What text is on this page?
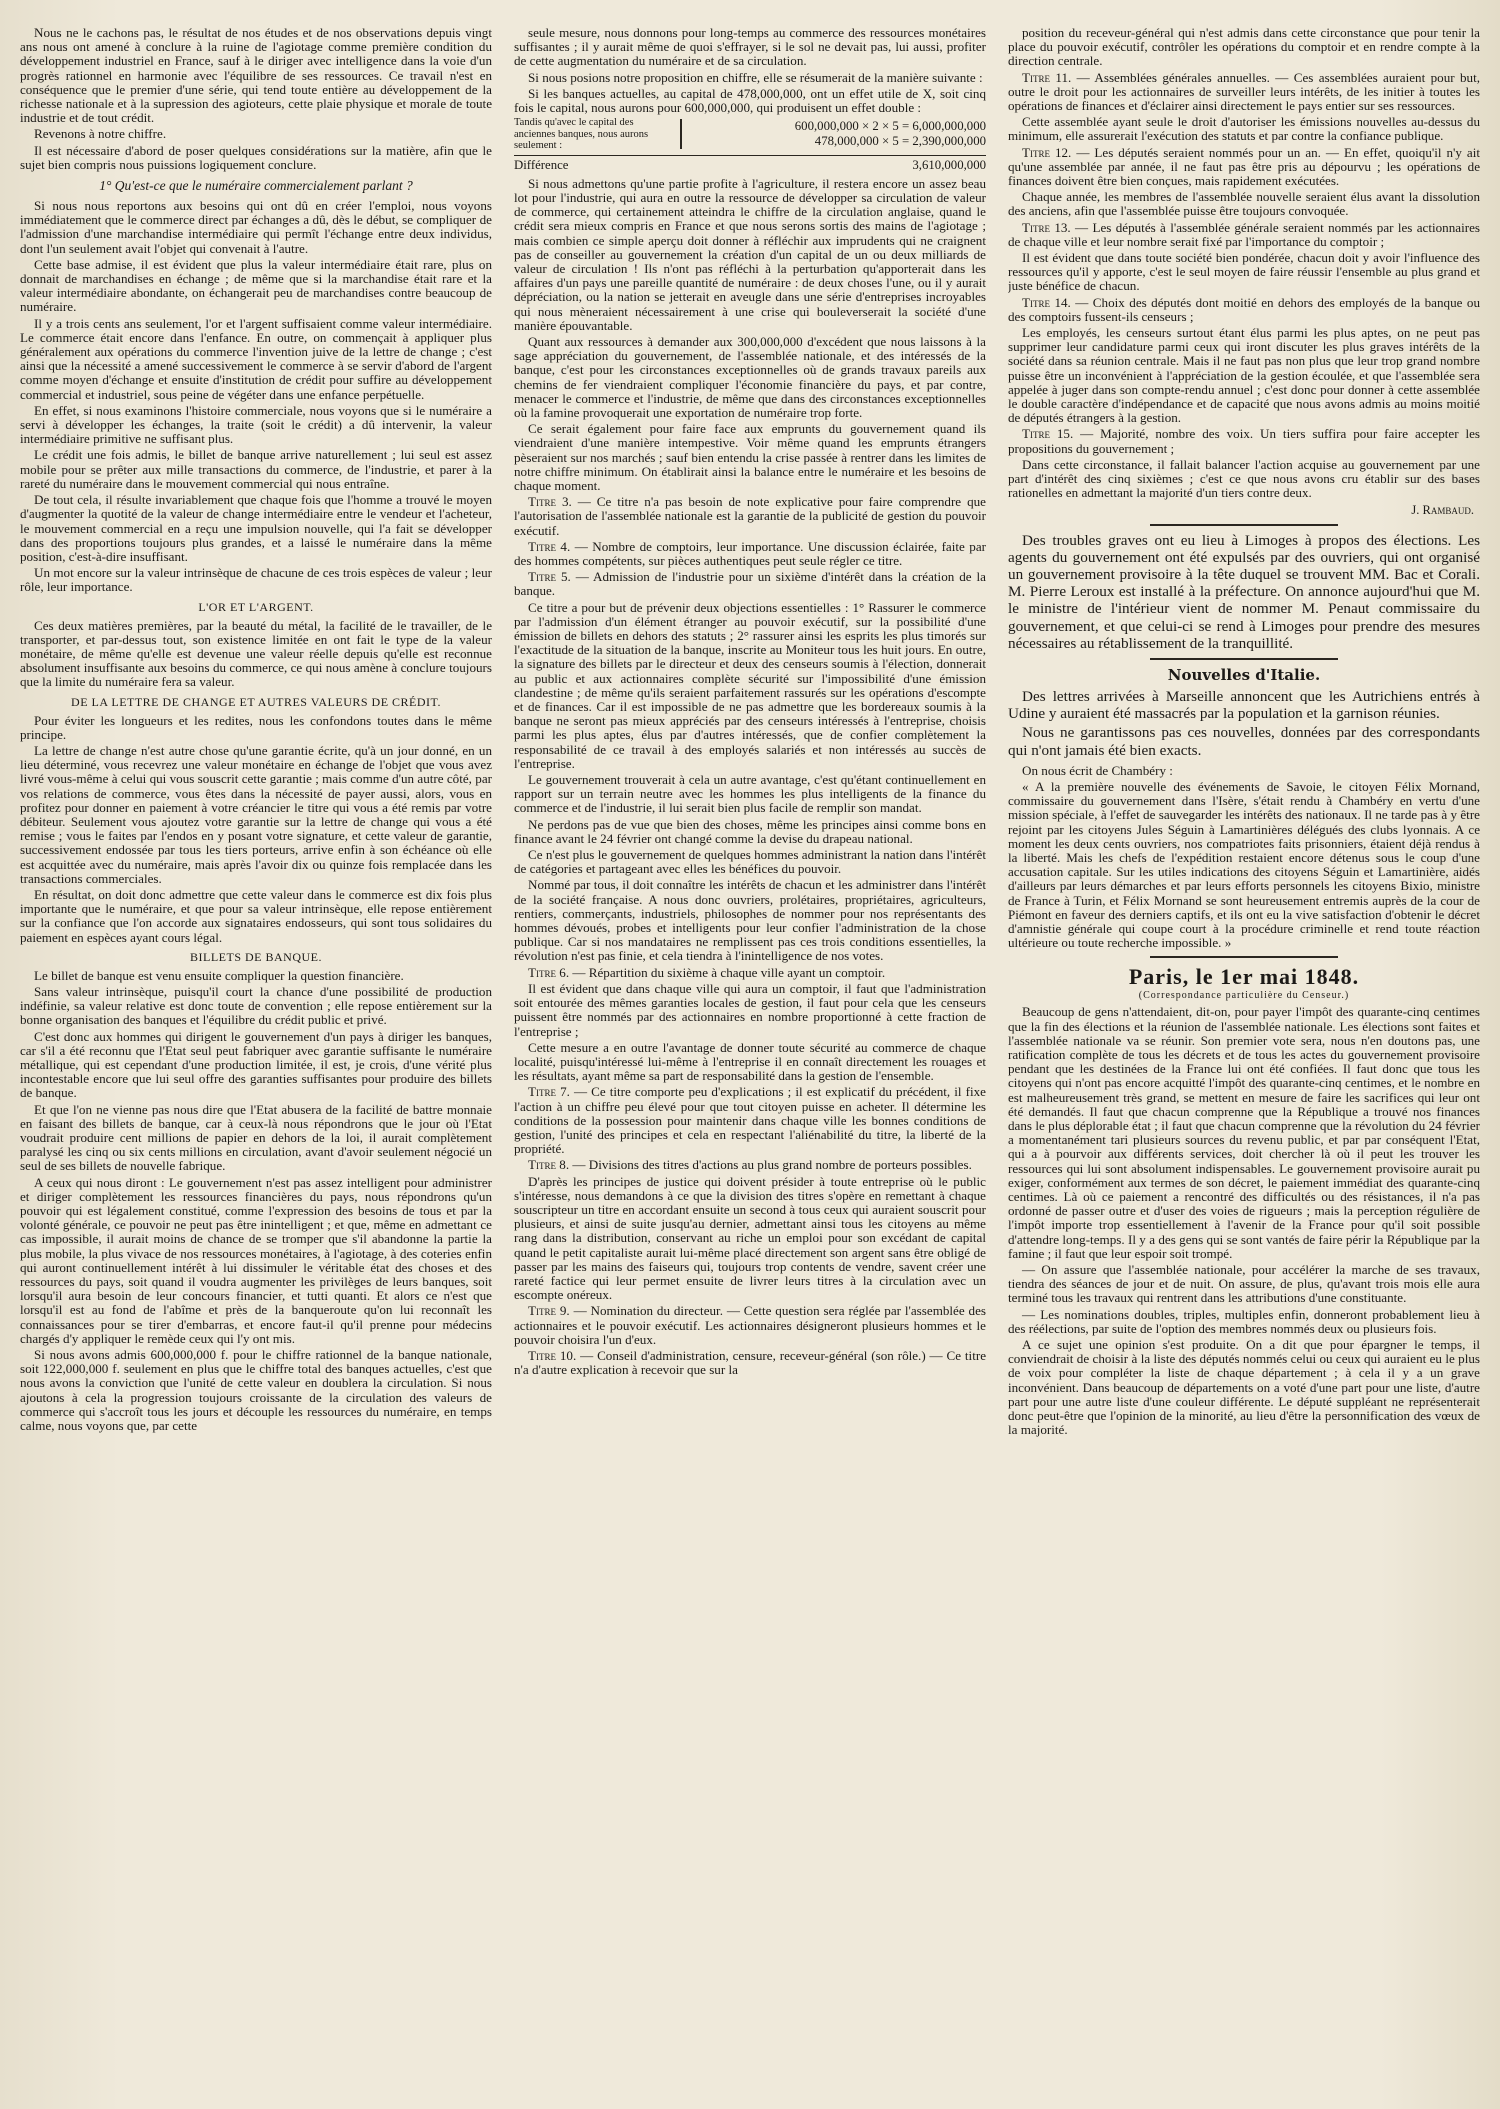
Nous ne le cachons pas, le résultat de nos études et de nos observations depuis vingt ans nous ont amené à conclure à la ruine de l'agiotage comme première condition du développement industriel en France, sauf à le diriger avec intelligence dans la voie d'un progrès rationnel en harmonie avec l'équilibre de ses ressources. Ce travail n'est en conséquence que le premier d'une série, qui tend toute entière au développement de la richesse nationale et à la supression des agioteurs, cette plaie physique et morale de toute industrie et de tout crédit.

Revenons à notre chiffre.

Il est nécessaire d'abord de poser quelques considérations sur la matière, afin que le sujet bien compris nous puissions logiquement conclure.

1° Qu'est-ce que le numéraire commercialement parlant ?

Si nous nous reportons aux besoins qui ont dû en créer l'emploi, nous voyons immédiatement que le commerce direct par échanges a dû, dès le début, se compliquer de l'admission d'une marchandise intermédiaire qui permît l'échange entre deux individus, dont l'un seulement avait l'objet qui convenait à l'autre.

Cette base admise, il est évident que plus la valeur intermédiaire était rare, plus on donnait de marchandises en échange ; de même que si la marchandise était rare et la valeur intermédiaire abondante, on échangerait peu de marchandises contre beaucoup de numéraire.

Il y a trois cents ans seulement, l'or et l'argent suffisaient comme valeur intermédiaire. Le commerce était encore dans l'enfance. En outre, on commençait à appliquer plus généralement aux opérations du commerce l'invention juive de la lettre de change ; c'est ainsi que la nécessité a amené successivement le commerce à se servir d'abord de l'argent comme moyen d'échange et ensuite d'institution de crédit pour suffire au développement commercial et industriel, sous peine de végéter dans une enfance perpétuelle.

En effet, si nous examinons l'histoire commerciale, nous voyons que si le numéraire a servi à développer les échanges, la traite (soit le crédit) a dû intervenir, la valeur intermédiaire primitive ne suffisant plus.

Le crédit une fois admis, le billet de banque arrive naturellement ; lui seul est assez mobile pour se prêter aux mille transactions du commerce, de l'industrie, et parer à la rareté du numéraire dans le mouvement commercial qui nous entraîne.

De tout cela, il résulte invariablement que chaque fois que l'homme a trouvé le moyen d'augmenter la quotité de la valeur de change intermédiaire entre le vendeur et l'acheteur, le mouvement commercial en a reçu une impulsion nouvelle, qui l'a fait se développer dans des proportions toujours plus grandes, et a laissé le numéraire dans la même position, c'est-à-dire insuffisant.

Un mot encore sur la valeur intrinsèque de chacune de ces trois espèces de valeur ; leur rôle, leur importance.

L'OR ET L'ARGENT.

Ces deux matières premières, par la beauté du métal, la facilité de le travailler, de le transporter, et par-dessus tout, son existence limitée en ont fait le type de la valeur monétaire, de même qu'elle est devenue une valeur réelle depuis qu'elle est reconnue absolument insuffisante aux besoins du commerce, ce qui nous amène à conclure toujours que la limite du numéraire fera sa valeur.

DE LA LETTRE DE CHANGE ET AUTRES VALEURS DE CRÉDIT.

Pour éviter les longueurs et les redites, nous les confondons toutes dans le même principe.

La lettre de change n'est autre chose qu'une garantie écrite, qu'à un jour donné, en un lieu déterminé, vous recevrez une valeur monétaire en échange de l'objet que vous avez livré vous-même à celui qui vous souscrit cette garantie ; mais comme d'un autre côté, par vos relations de commerce, vous êtes dans la nécessité de payer aussi, alors, vous en profitez pour donner en paiement à votre créancier le titre qui vous a été remis par votre débiteur. Seulement vous ajoutez votre garantie sur la lettre de change qui vous a été remise ; vous le faites par l'endos en y posant votre signature, et cette valeur de garantie, successivement endossée par tous les tiers porteurs, arrive enfin à son échéance où elle est acquittée avec du numéraire, mais après l'avoir dix ou quinze fois remplacée dans les transactions commerciales.

En résultat, on doit donc admettre que cette valeur dans le commerce est dix fois plus importante que le numéraire, et que pour sa valeur intrinsèque, elle repose entièrement sur la confiance que l'on accorde aux signataires endosseurs, qui sont tous solidaires du paiement en espèces ayant cours légal.

BILLETS DE BANQUE.

Le billet de banque est venu ensuite compliquer la question financière.

Sans valeur intrinsèque, puisqu'il court la chance d'une possibilité de production indéfinie, sa valeur relative est donc toute de convention ; elle repose entièrement sur la bonne organisation des banques et l'équilibre du crédit public et privé.

C'est donc aux hommes qui dirigent le gouvernement d'un pays à diriger les banques, car s'il a été reconnu que l'Etat seul peut fabriquer avec garantie suffisante le numéraire métallique, qui est cependant d'une production limitée, il est, je crois, d'une vérité plus incontestable encore que lui seul offre des garanties suffisantes pour produire des billets de banque.

Et que l'on ne vienne pas nous dire que l'Etat abusera de la facilité de battre monnaie en faisant des billets de banque, car à ceux-là nous répondrons que le jour où l'Etat voudrait produire cent millions de papier en dehors de la loi, il aurait complètement paralysé les cinq ou six cents millions en circulation, avant d'avoir seulement négocié un seul de ses billets de nouvelle fabrique.

A ceux qui nous diront : Le gouvernement n'est pas assez intelligent pour administrer et diriger complètement les ressources financières du pays, nous répondrons qu'un pouvoir qui est légalement constitué, comme l'expression des besoins de tous et par la volonté générale, ce pouvoir ne peut pas être inintelligent ; et que, même en admettant ce cas impossible, il aurait moins de chance de se tromper que s'il abandonne la partie la plus mobile, la plus vivace de nos ressources monétaires, à l'agiotage, à des coteries enfin qui auront continuellement intérêt à lui dissimuler le véritable état des choses et des ressources du pays, soit quand il voudra augmenter les privilèges de leurs banques, soit lorsqu'il aura besoin de leur concours financier, et tutti quanti. Et alors ce n'est que lorsqu'il est au fond de l'abîme et près de la banqueroute qu'on lui reconnaît les connaissances pour se tirer d'embarras, et encore faut-il qu'il prenne pour médecins chargés d'y appliquer le remède ceux qui l'y ont mis.

Si nous avons admis 600,000,000 f. pour le chiffre rationnel de la banque nationale, soit 122,000,000 f. seulement en plus que le chiffre total des banques actuelles, c'est que nous avons la conviction que l'unité de cette valeur en doublera la circulation. Si nous ajoutons à cela la progression toujours croissante de la circulation des valeurs de commerce qui s'accroît tous les jours et découple les ressources du numéraire, en temps calme, nous voyons que, par cette

seule mesure, nous donnons pour long-temps au commerce des ressources monétaires suffisantes ; il y aurait même de quoi s'effrayer, si le sol ne devait pas, lui aussi, profiter de cette augmentation du numéraire et de sa circulation.

Si nous posions notre proposition en chiffre, elle se résumerait de la manière suivante :

Si les banques actuelles, au capital de 478,000,000, ont un effet utile de X, soit cinq fois le capital, nous aurons pour 600,000,000, qui produisent un effet double :

Tandis qu'avec le capital des anciennes banques, nous aurons seulement :
600,000,000 × 2 × 5 = 6,000,000,000
478,000,000 × 5 = 2,390,000,000
Différence	3,610,000,000

Si nous admettons qu'une partie profite à l'agriculture, il restera encore un assez beau lot pour l'industrie, qui aura en outre la ressource de développer sa circulation de valeur de commerce, qui certainement atteindra le chiffre de la circulation anglaise, quand le crédit sera mieux compris en France et que nous serons sortis des mains de l'agiotage ; mais combien ce simple aperçu doit donner à réfléchir aux imprudents qui ne craignent pas de conseiller au gouvernement la création d'un capital de un ou deux milliards de valeur de circulation ! Ils n'ont pas réfléchi à la perturbation qu'apporterait dans les affaires d'un pays une pareille quantité de numéraire : de deux choses l'une, ou il y aurait dépréciation, ou la nation se jetterait en aveugle dans une série d'entreprises incroyables qui nous mèneraient nécessairement à une crise qui bouleverserait la société d'une manière épouvantable.

Quant aux ressources à demander aux 300,000,000 d'excédent que nous laissons à la sage appréciation du gouvernement, de l'assemblée nationale, et des intéressés de la banque, c'est pour les circonstances exceptionnelles où de grands travaux pareils aux chemins de fer viendraient compliquer l'économie financière du pays, et par contre, menacer le commerce et l'industrie, de même que dans des circonstances exceptionnelles où la famine provoquerait une exportation de numéraire trop forte.

Ce serait également pour faire face aux emprunts du gouvernement quand ils viendraient d'une manière intempestive. Voir même quand les emprunts étrangers pèseraient sur nos marchés ; sauf bien entendu la crise passée à rentrer dans les limites de notre chiffre minimum. On établirait ainsi la balance entre le numéraire et les besoins de chaque moment.

Titre 3. — Ce titre n'a pas besoin de note explicative pour faire comprendre que l'autorisation de l'assemblée nationale est la garantie de la publicité de gestion du pouvoir exécutif.

Titre 4. — Nombre de comptoirs, leur importance. Une discussion éclairée, faite par des hommes compétents, sur pièces authentiques peut seule régler ce titre.

Titre 5. — Admission de l'industrie pour un sixième d'intérêt dans la création de la banque.

Ce titre a pour but de prévenir deux objections essentielles : 1° Rassurer le commerce par l'admission d'un élément étranger au pouvoir exécutif, sur la possibilité d'une émission de billets en dehors des statuts ; 2° rassurer ainsi les esprits les plus timorés sur l'exactitude de la situation de la banque, inscrite au Moniteur tous les huit jours. En outre, la signature des billets par le directeur et deux des censeurs soumis à l'élection, donnerait au public et aux actionnaires complète sécurité sur l'impossibilité d'une émission clandestine ; de même qu'ils seraient parfaitement rassurés sur les opérations d'escompte et de finances. Car il est impossible de ne pas admettre que les bordereaux soumis à la banque ne seront pas mieux appréciés par des censeurs intéressés à l'entreprise, choisis parmi les plus aptes, élus par d'autres intéressés, que de confier complètement la responsabilité de ce travail à des employés salariés et non intéressés au succès de l'entreprise.

Le gouvernement trouverait à cela un autre avantage, c'est qu'étant continuellement en rapport sur un terrain neutre avec les hommes les plus intelligents de la finance du commerce et de l'industrie, il lui serait bien plus facile de remplir son mandat.

Ne perdons pas de vue que bien des choses, même les principes ainsi comme bons en finance avant le 24 février ont changé comme la devise du drapeau national.

Ce n'est plus le gouvernement de quelques hommes administrant la nation dans l'intérêt de catégories et partageant avec elles les bénéfices du pouvoir.

Nommé par tous, il doit connaître les intérêts de chacun et les administrer dans l'intérêt de la société française. A nous donc ouvriers, prolétaires, propriétaires, agriculteurs, rentiers, commerçants, industriels, philosophes de nommer pour nos représentants des hommes dévoués, probes et intelligents pour leur confier l'administration de la chose publique. Car si nos mandataires ne remplissent pas ces trois conditions essentielles, la révolution n'est pas finie, et cela tiendra à l'inintelligence de nos votes.

Titre 6. — Répartition du sixième à chaque ville ayant un comptoir.

Il est évident que dans chaque ville qui aura un comptoir, il faut que l'administration soit entourée des mêmes garanties locales de gestion, il faut pour cela que les censeurs puissent être nommés par des actionnaires en nombre proportionné à cette fraction de l'entreprise ;

Cette mesure a en outre l'avantage de donner toute sécurité au commerce de chaque localité, puisqu'intéressé lui-même à l'entreprise il en connaît directement les rouages et les résultats, ayant même sa part de responsabilité dans la gestion de l'ensemble.

Titre 7. — Ce titre comporte peu d'explications ; il est explicatif du précédent, il fixe l'action à un chiffre peu élevé pour que tout citoyen puisse en acheter. Il détermine les conditions de la possession pour maintenir dans chaque ville les bonnes conditions de gestion, l'unité des principes et cela en respectant l'aliénabilité du titre, la liberté de la propriété.

Titre 8. — Divisions des titres d'actions au plus grand nombre de porteurs possibles.

D'après les principes de justice qui doivent présider à toute entreprise où le public s'intéresse, nous demandons à ce que la division des titres s'opère en remettant à chaque souscripteur un titre en accordant ensuite un second à tous ceux qui auraient souscrit pour plusieurs, et ainsi de suite jusqu'au dernier, admettant ainsi tous les citoyens au même rang dans la distribution, conservant au riche un emploi pour son excédant de capital quand le petit capitaliste aurait lui-même placé directement son argent sans être obligé de passer par les mains des faiseurs qui, toujours trop contents de vendre, savent créer une rareté factice qui leur permet ensuite de livrer leurs titres à la circulation avec un escompte onéreux.

Titre 9. — Nomination du directeur. — Cette question sera réglée par l'assemblée des actionnaires et le pouvoir exécutif. Les actionnaires désigneront plusieurs hommes et le pouvoir choisira l'un d'eux.

Titre 10. — Conseil d'administration, censure, receveur-général (son rôle.) — Ce titre n'a d'autre explication à recevoir que sur la

position du receveur-général qui n'est admis dans cette circonstance que pour tenir la place du pouvoir exécutif, contrôler les opérations du comptoir et en rendre compte à la direction centrale.

Titre 11. — Assemblées générales annuelles. — Ces assemblées auraient pour but, outre le droit pour les actionnaires de surveiller leurs intérêts, de les initier à toutes les opérations de finances et d'éclairer ainsi directement le pays entier sur ses ressources.

Cette assemblée ayant seule le droit d'autoriser les émissions nouvelles au-dessus du minimum, elle assurerait l'exécution des statuts et par contre la confiance publique.

Titre 12. — Les députés seraient nommés pour un an. — En effet, quoiqu'il n'y ait qu'une assemblée par année, il ne faut pas être pris au dépourvu ; les opérations de finances doivent être bien conçues, mais rapidement exécutées.

Chaque année, les membres de l'assemblée nouvelle seraient élus avant la dissolution des anciens, afin que l'assemblée puisse être toujours convoquée.

Titre 13. — Les députés à l'assemblée générale seraient nommés par les actionnaires de chaque ville et leur nombre serait fixé par l'importance du comptoir ;

Il est évident que dans toute société bien pondérée, chacun doit y avoir l'influence des ressources qu'il y apporte, c'est le seul moyen de faire réussir l'ensemble au plus grand et juste bénéfice de chacun.

Titre 14. — Choix des députés dont moitié en dehors des employés de la banque ou des comptoirs fussent-ils censeurs ;

Les employés, les censeurs surtout étant élus parmi les plus aptes, on ne peut pas supprimer leur candidature parmi ceux qui iront discuter les plus graves intérêts de la société dans sa réunion centrale. Mais il ne faut pas non plus que leur trop grand nombre puisse être un inconvénient à l'appréciation de la gestion écoulée, et que l'assemblée sera appelée à juger dans son compte-rendu annuel ; c'est donc pour donner à cette assemblée le double caractère d'indépendance et de capacité que nous avons admis au moins moitié de députés étrangers à la gestion.

Titre 15. — Majorité, nombre des voix. Un tiers suffira pour faire accepter les propositions du gouvernement ;

Dans cette circonstance, il fallait balancer l'action acquise au gouvernement par une part d'intérêt des cinq sixièmes ; c'est ce que nous avons cru établir sur des bases rationelles en admettant la majorité d'un tiers contre deux.

J. Rambaud.

Des troubles graves ont eu lieu à Limoges à propos des élections. Les agents du gouvernement ont été expulsés par des ouvriers, qui ont organisé un gouvernement provisoire à la tête duquel se trouvent MM. Bac et Corali. M. Pierre Leroux est installé à la préfecture. On annonce aujourd'hui que M. le ministre de l'intérieur vient de nommer M. Penaut commissaire du gouvernement, et que celui-ci se rend à Limoges pour prendre des mesures nécessaires au rétablissement de la tranquillité.

Nouvelles d'Italie.

Des lettres arrivées à Marseille annoncent que les Autrichiens entrés à Udine y auraient été massacrés par la population et la garnison réunies.

Nous ne garantissons pas ces nouvelles, données par des correspondants qui n'ont jamais été bien exacts.

On nous écrit de Chambéry :

« A la première nouvelle des événements de Savoie, le citoyen Félix Mornand, commissaire du gouvernement dans l'Isère, s'était rendu à Chambéry en vertu d'une mission spéciale, à l'effet de sauvegarder les intérêts des nationaux. Il ne tarde pas à y être rejoint par les citoyens Jules Séguin à Lamartinières délégués des clubs lyonnais. A ce moment les deux cents ouvriers, nos compatriotes faits prisonniers, étaient déjà rendus à la liberté. Mais les chefs de l'expédition restaient encore détenus sous le coup d'une accusation capitale. Sur les utiles indications des citoyens Séguin et Lamartinière, aidés d'ailleurs par leurs démarches et par leurs efforts personnels les citoyens Bixio, ministre de France à Turin, et Félix Mornand se sont heureusement entremis auprès de la cour de Piémont en faveur des derniers captifs, et ils ont eu la vive satisfaction d'obtenir le décret d'amnistie générale qui coupe court à la procédure criminelle et rend toute réaction ultérieure ou toute recherche impossible. »

Paris, le 1er mai 1848.
(Correspondance particulière du Censeur.)

Beaucoup de gens n'attendaient, dit-on, pour payer l'impôt des quarante-cinq centimes que la fin des élections et la réunion de l'assemblée nationale. Les élections sont faites et l'assemblée nationale va se réunir. Son premier vote sera, nous n'en doutons pas, une ratification complète de tous les décrets et de tous les actes du gouvernement provisoire pendant que les destinées de la France lui ont été confiées. Il faut donc que tous les citoyens qui n'ont pas encore acquitté l'impôt des quarante-cinq centimes, et le nombre en est malheureusement très grand, se mettent en mesure de faire les sacrifices qui leur ont été demandés. Il faut que chacun comprenne que la République a trouvé nos finances dans le plus déplorable état ; il faut que chacun comprenne que la révolution du 24 février a momentanément tari plusieurs sources du revenu public, et par par conséquent l'Etat, qui a à pourvoir aux différents services, doit chercher là où il peut les trouver les ressources qui lui sont absolument indispensables. Le gouvernement provisoire aurait pu exiger, conformément aux termes de son décret, le paiement immédiat des quarante-cinq centimes. Là où ce paiement a rencontré des difficultés ou des résistances, il n'a pas ordonné de passer outre et d'user des voies de rigueurs ; mais la perception régulière de l'impôt importe trop essentiellement à l'avenir de la France pour qu'il soit possible d'attendre long-temps. Il y a des gens qui se sont vantés de faire périr la République par la famine ; il faut que leur espoir soit trompé.

— On assure que l'assemblée nationale, pour accélérer la marche de ses travaux, tiendra des séances de jour et de nuit. On assure, de plus, qu'avant trois mois elle aura terminé tous les travaux qui rentrent dans les attributions d'une constituante.

— Les nominations doubles, triples, multiples enfin, donneront probablement lieu à des réélections, par suite de l'option des membres nommés deux ou plusieurs fois.

A ce sujet une opinion s'est produite. On a dit que pour épargner le temps, il conviendrait de choisir à la liste des députés nommés celui ou ceux qui auraient eu le plus de voix pour compléter la liste de chaque département ; à cela il y a un grave inconvénient. Dans beaucoup de départements on a voté d'une part pour une liste, d'autre part pour une autre liste d'une couleur différente. Le député suppléant ne représenterait donc peut-être que l'opinion de la minorité, au lieu d'être la personnification des vœux de la majorité.
